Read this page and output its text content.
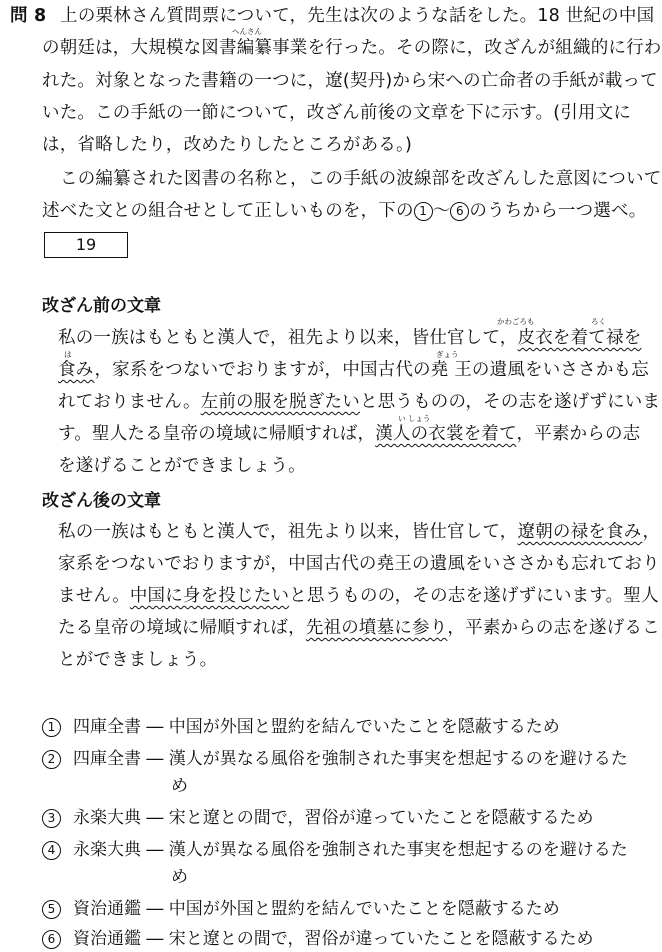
問 8 上の栗林さん質問票について，先生は次のような話をした。18 世紀の中国
へんさん
の朝廷は，大規模な図書編纂事業を行った。その際に，改ざんが組織的に行わ
れた。対象となった書籍の一つに，遼(契丹)から宋への亡命者の手紙が載って
いた。この手紙の一節について，改ざん前後の文章を下に示す。(引用文に
は，省略したり，改めたりしたところがある。)
この編纂された図書の名称と，この手紙の波線部を改ざんした意図について
述べた文との組合せとして正しいものを，下の 1 ～ 6 のうちから一つ選べ。
19
改ざん前の文章
かわごろも	ろく
私の一族はもともと漢人で，祖先より以来，皆仕官して，皮衣を着て禄を
は	ぎょう
食み，家系をつないでおりますが，中国古代の堯 王の遺風をいささかも忘
れておりません。左前の服を脱ぎたいと思うものの，その志を遂げずにいま
い しょう
す。聖人たる皇帝の境域に帰順すれば，漢人の衣裳を着て，平素からの志
を遂げることができましょう。
改ざん後の文章
私の一族はもともと漢人で，祖先より以来，皆仕官して，遼朝の禄を食み，
家系をつないでおりますが，中国古代の堯王の遺風をいささかも忘れており
ません。中国に身を投じたいと思うものの，その志を遂げずにいます。聖人
たる皇帝の境域に帰順すれば，先祖の墳墓に参り，平素からの志を遂げるこ
とができましょう。
1 四庫全書 ― 中国が外国と盟約を結んでいたことを隠蔽するため
2 四庫全書 ― 漢人が異なる風俗を強制された事実を想起するのを避けるた
め
3 永楽大典 ― 宋と遼との間で，習俗が違っていたことを隠蔽するため
4 永楽大典 ― 漢人が異なる風俗を強制された事実を想起するのを避けるた
め
5 資治通鑑 ― 中国が外国と盟約を結んでいたことを隠蔽するため
6 資治通鑑 ― 宋と遼との間で，習俗が違っていたことを隠蔽するため
